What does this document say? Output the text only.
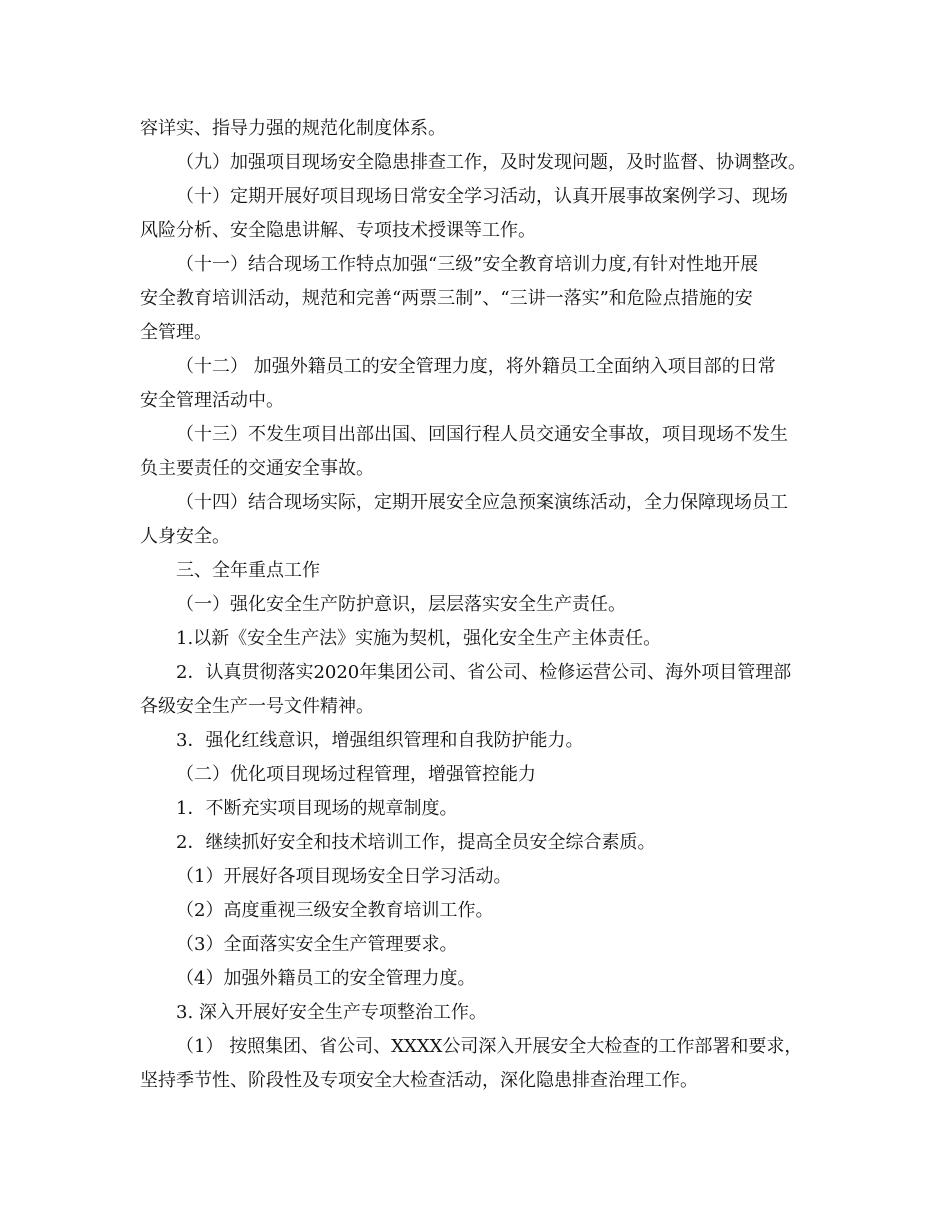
容详实、指导力强的规范化制度体系。
（九）加强项目现场安全隐患排查工作，及时发现问题，及时监督、协调整改。
（十）定期开展好项目现场日常安全学习活动，认真开展事故案例学习、现场
风险分析、安全隐患讲解、专项技术授课等工作。
（十一）结合现场工作特点加强“三级”安全教育培训力度,有针对性地开展
安全教育培训活动，规范和完善“两票三制”、“三讲一落实”和危险点措施的安
全管理。
（十二） 加强外籍员工的安全管理力度，将外籍员工全面纳入项目部的日常
安全管理活动中。
（十三）不发生项目出部出国、回国行程人员交通安全事故，项目现场不发生
负主要责任的交通安全事故。
（十四）结合现场实际，定期开展安全应急预案演练活动，全力保障现场员工
人身安全。
三、全年重点工作
（一）强化安全生产防护意识，层层落实安全生产责任。
1.以新《安全生产法》实施为契机，强化安全生产主体责任。
2．认真贯彻落实2020年集团公司、省公司、检修运营公司、海外项目管理部
各级安全生产一号文件精神。
3．强化红线意识，增强组织管理和自我防护能力。
（二）优化项目现场过程管理，增强管控能力
1．不断充实项目现场的规章制度。
2．继续抓好安全和技术培训工作，提高全员安全综合素质。
（1）开展好各项目现场安全日学习活动。
（2）高度重视三级安全教育培训工作。
（3）全面落实安全生产管理要求。
（4）加强外籍员工的安全管理力度。
3. 深入开展好安全生产专项整治工作。
（1） 按照集团、省公司、XXXX公司深入开展安全大检查的工作部署和要求，
坚持季节性、阶段性及专项安全大检查活动，深化隐患排查治理工作。
